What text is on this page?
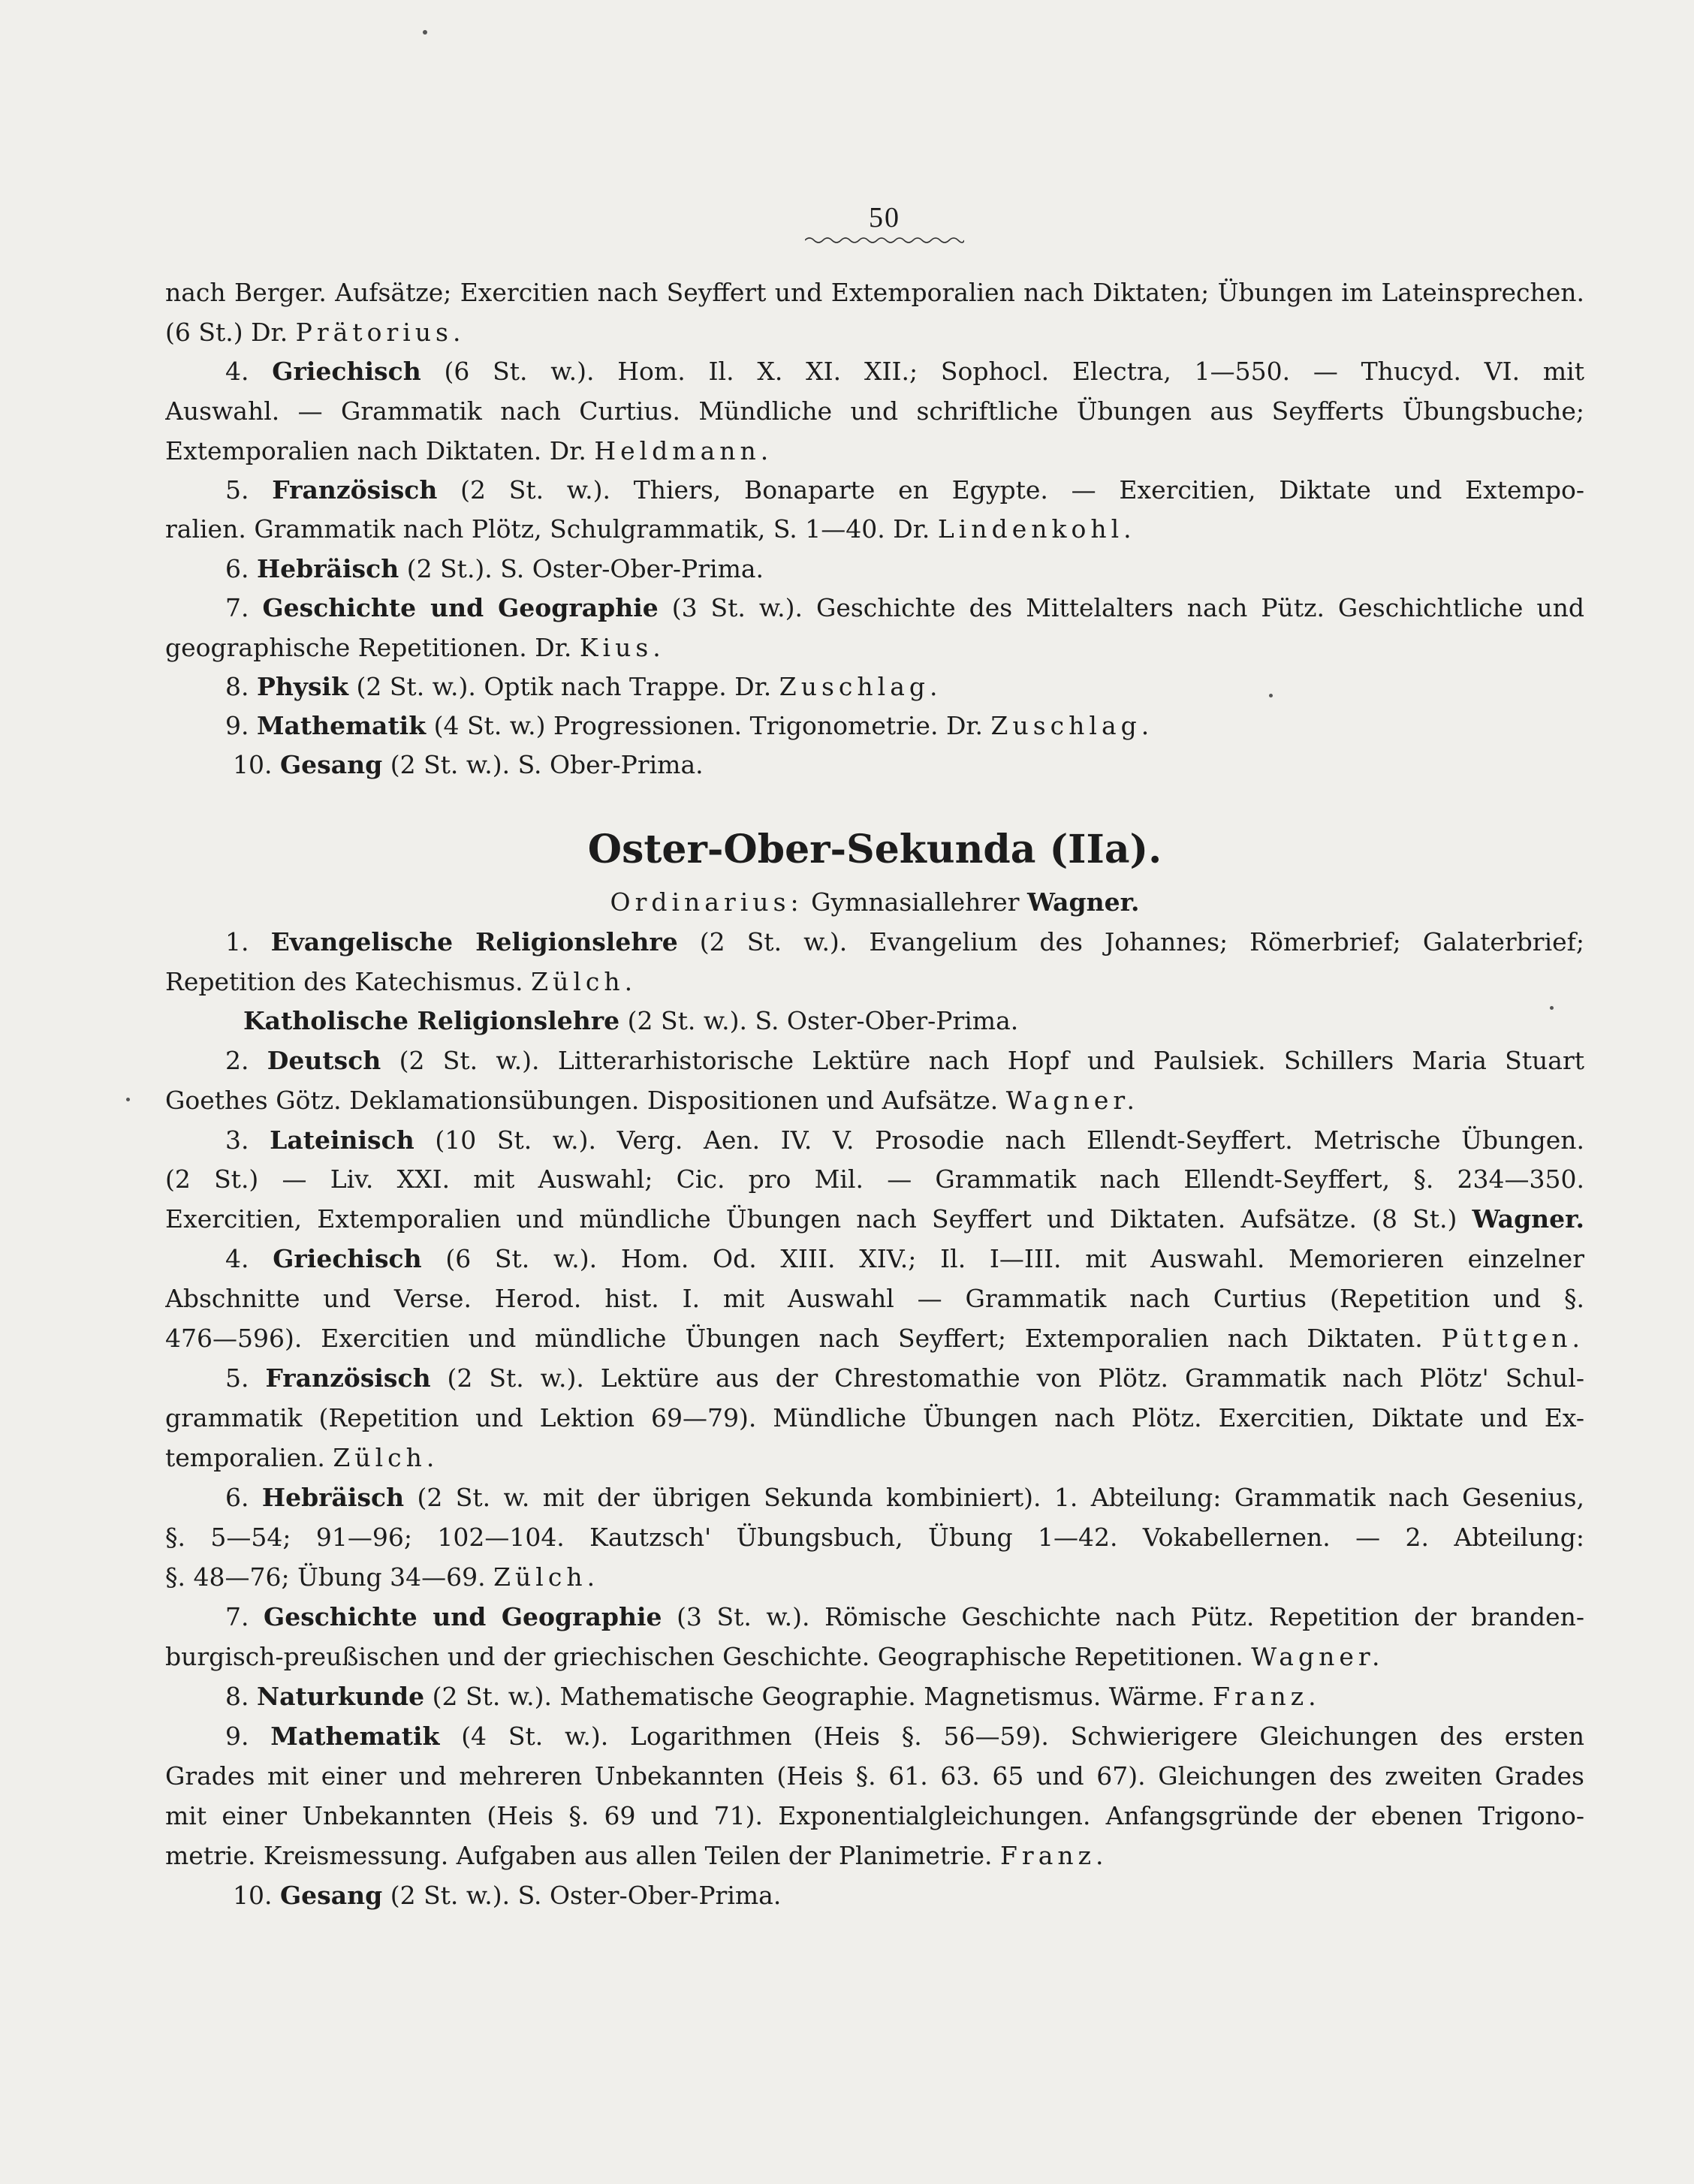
50
nach Berger. Aufsätze; Exercitien nach Seyffert und Extemporalien nach Diktaten; Übungen im Lateinsprechen.
(6 St.) Dr. Prätorius.
4. Griechisch (6 St. w.). Hom. Il. X. XI. XII.; Sophocl. Electra, 1—550. — Thucyd. VI. mit
Auswahl. — Grammatik nach Curtius. Mündliche und schriftliche Übungen aus Seyfferts Übungsbuche;
Extemporalien nach Diktaten. Dr. Heldmann.
5. Französisch (2 St. w.). Thiers, Bonaparte en Egypte. — Exercitien, Diktate und Extempo-
ralien. Grammatik nach Plötz, Schulgrammatik, S. 1—40. Dr. Lindenkohl.
6. Hebräisch (2 St.). S. Oster-Ober-Prima.
7. Geschichte und Geographie (3 St. w.). Geschichte des Mittelalters nach Pütz. Geschichtliche und
geographische Repetitionen. Dr. Kius.
8. Physik (2 St. w.). Optik nach Trappe. Dr. Zuschlag.
9. Mathematik (4 St. w.) Progressionen. Trigonometrie. Dr. Zuschlag.
10. Gesang (2 St. w.). S. Ober-Prima.
Oster-Ober-Sekunda (IIa).
Ordinarius: Gymnasiallehrer Wagner.
1. Evangelische Religionslehre (2 St. w.). Evangelium des Johannes; Römerbrief; Galaterbrief;
Repetition des Katechismus. Zülch.
Katholische Religionslehre (2 St. w.). S. Oster-Ober-Prima.
2. Deutsch (2 St. w.). Litterarhistorische Lektüre nach Hopf und Paulsiek. Schillers Maria Stuart
Goethes Götz. Deklamationsübungen. Dispositionen und Aufsätze. Wagner.
3. Lateinisch (10 St. w.). Verg. Aen. IV. V. Prosodie nach Ellendt-Seyffert. Metrische Übungen.
(2 St.) — Liv. XXI. mit Auswahl; Cic. pro Mil. — Grammatik nach Ellendt-Seyffert, §. 234—350.
Exercitien, Extemporalien und mündliche Übungen nach Seyffert und Diktaten. Aufsätze. (8 St.) Wagner.
4. Griechisch (6 St. w.). Hom. Od. XIII. XIV.; Il. I—III. mit Auswahl. Memorieren einzelner
Abschnitte und Verse. Herod. hist. I. mit Auswahl — Grammatik nach Curtius (Repetition und §.
476—596). Exercitien und mündliche Übungen nach Seyffert; Extemporalien nach Diktaten. Püttgen.
5. Französisch (2 St. w.). Lektüre aus der Chrestomathie von Plötz. Grammatik nach Plötz' Schul-
grammatik (Repetition und Lektion 69—79). Mündliche Übungen nach Plötz. Exercitien, Diktate und Ex-
temporalien. Zülch.
6. Hebräisch (2 St. w. mit der übrigen Sekunda kombiniert). 1. Abteilung: Grammatik nach Gesenius,
§. 5—54; 91—96; 102—104. Kautzsch' Übungsbuch, Übung 1—42. Vokabellernen. — 2. Abteilung:
§. 48—76; Übung 34—69. Zülch.
7. Geschichte und Geographie (3 St. w.). Römische Geschichte nach Pütz. Repetition der branden-
burgisch-preußischen und der griechischen Geschichte. Geographische Repetitionen. Wagner.
8. Naturkunde (2 St. w.). Mathematische Geographie. Magnetismus. Wärme. Franz.
9. Mathematik (4 St. w.). Logarithmen (Heis §. 56—59). Schwierigere Gleichungen des ersten
Grades mit einer und mehreren Unbekannten (Heis §. 61. 63. 65 und 67). Gleichungen des zweiten Grades
mit einer Unbekannten (Heis §. 69 und 71). Exponentialgleichungen. Anfangsgründe der ebenen Trigono-
metrie. Kreismessung. Aufgaben aus allen Teilen der Planimetrie. Franz.
10. Gesang (2 St. w.). S. Oster-Ober-Prima.
